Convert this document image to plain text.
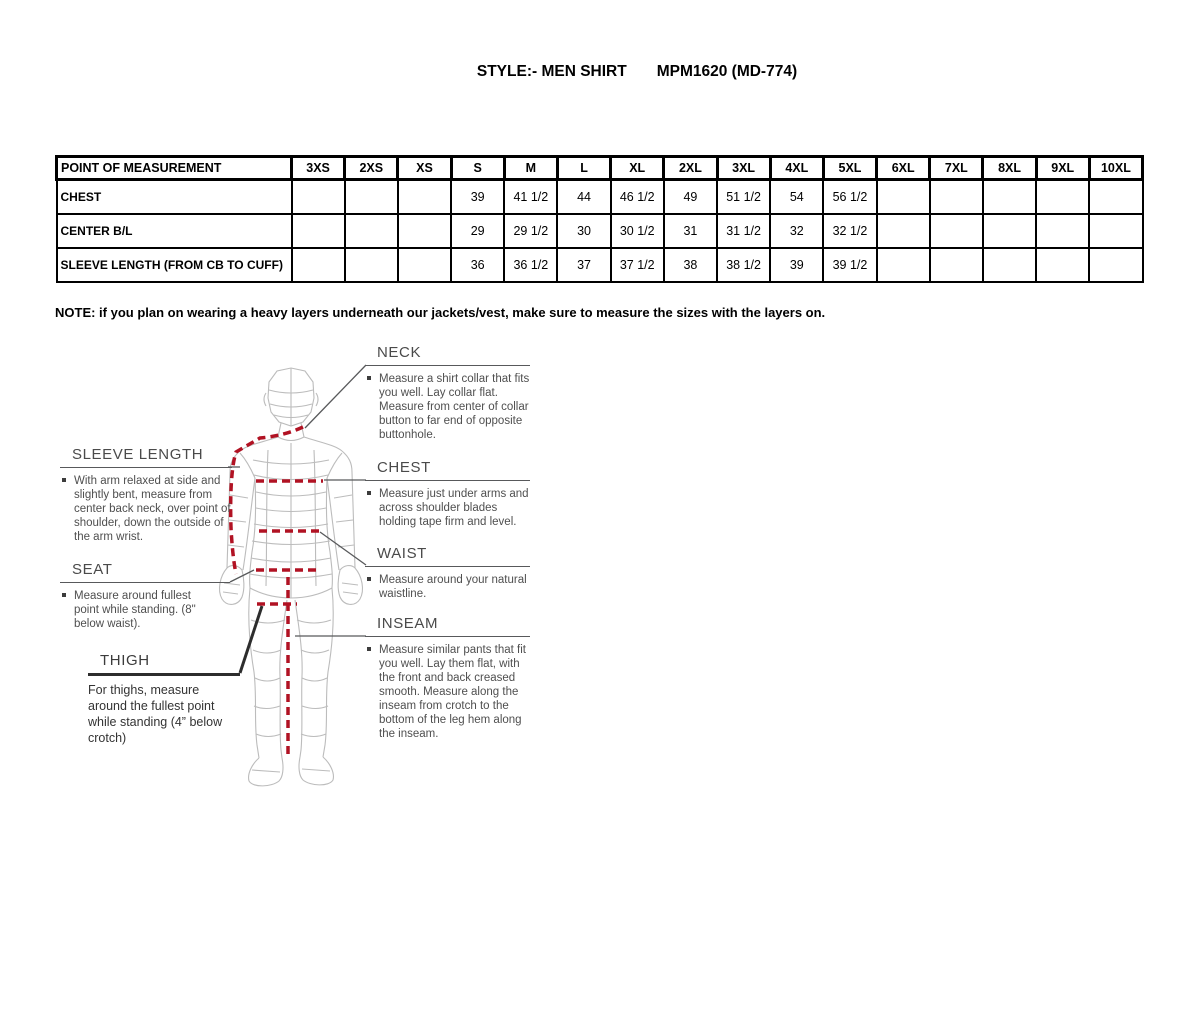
STYLE:- MEN SHIRT MPM1620 (MD-774)
POINT OF MEASUREMENT	3XS	2XS	XS	S	M	L	XL	2XL	3XL	4XL	5XL	6XL	7XL	8XL	9XL	10XL
CHEST				39	41 1/2	44	46 1/2	49	51 1/2	54	56 1/2					
CENTER B/L				29	29 1/2	30	30 1/2	31	31 1/2	32	32 1/2					
SLEEVE LENGTH (FROM CB TO CUFF)				36	36 1/2	37	37 1/2	38	38 1/2	39	39 1/2					
NOTE: if you plan on wearing a heavy layers underneath our jackets/vest, make sure to measure the sizes with the layers on.
NECK
Measure a shirt collar that fits you well. Lay collar flat. Measure from center of collar button to far end of opposite buttonhole.
CHEST
Measure just under arms and across shoulder blades holding tape firm and level.
WAIST
Measure around your natural waistline.
INSEAM
Measure similar pants that fit you well. Lay them flat, with the front and back creased smooth. Measure along the inseam from crotch to the bottom of the leg hem along the inseam.
SLEEVE LENGTH
With arm relaxed at side and slightly bent, measure from center back neck, over point of shoulder, down the outside of the arm wrist.
SEAT
Measure around fullest point while standing. (8" below waist).
THIGH
For thighs, measure around the fullest point while standing (4” below crotch)
